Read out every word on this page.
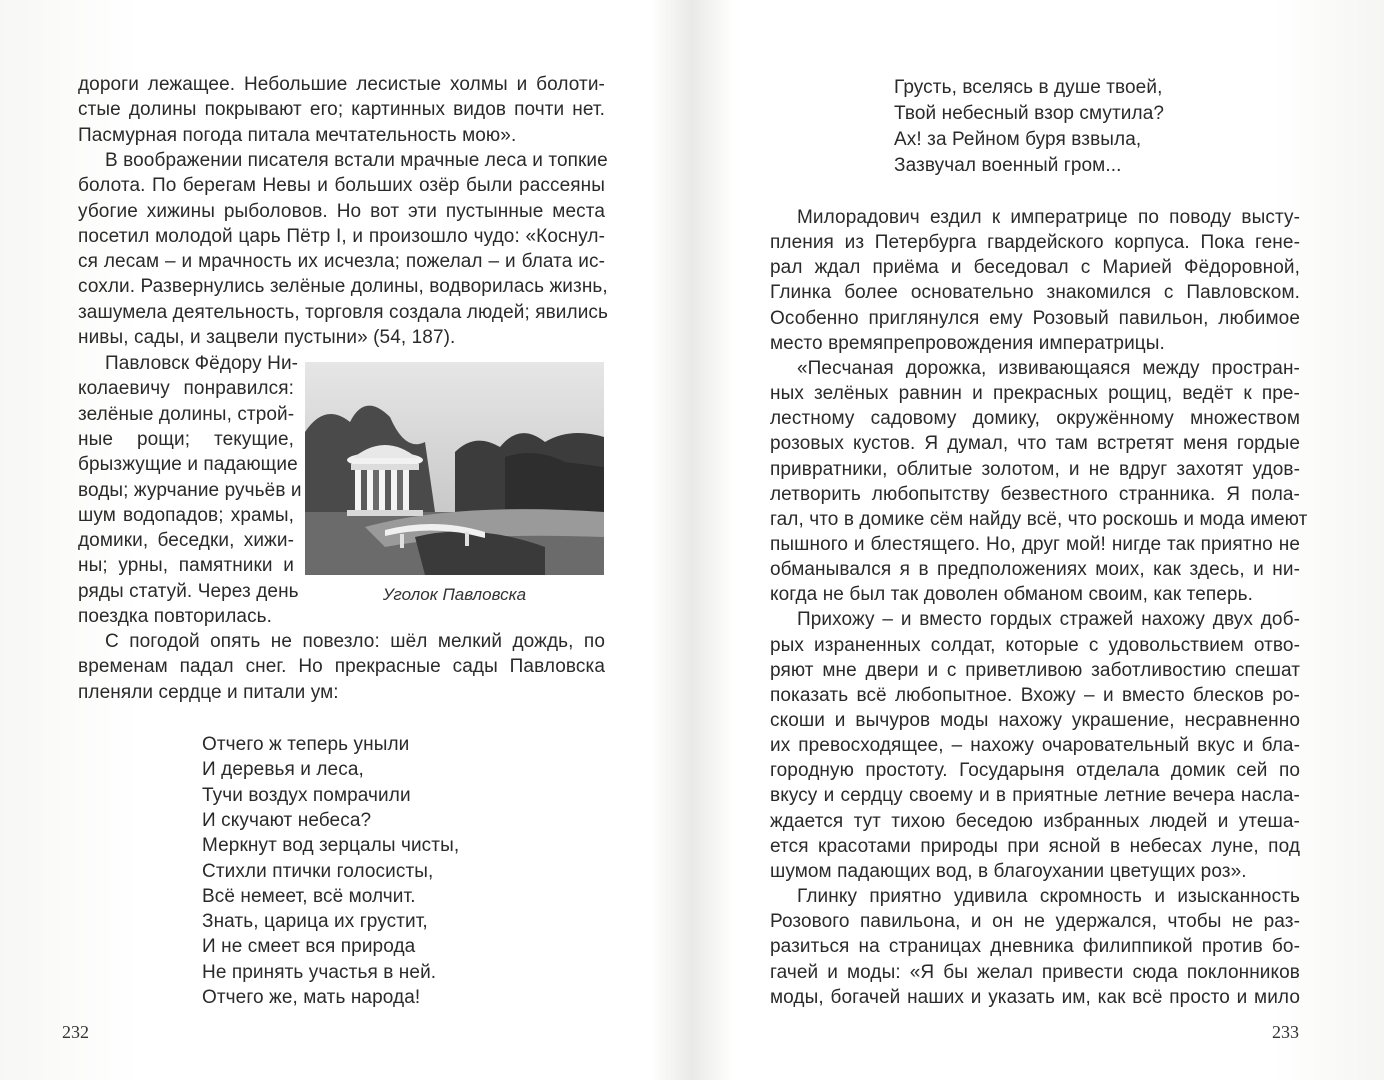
дороги лежащее. Небольшие лесистые холмы и болоти-
стые долины покрывают его; картинных видов почти нет.
Пасмурная погода питала мечтательность мою».
В воображении писателя встали мрачные леса и топкие
болота. По берегам Невы и больших озёр были рассеяны
убогие хижины рыболовов. Но вот эти пустынные места
посетил молодой царь Пётр I, и произошло чудо: «Коснул-
ся лесам – и мрачность их исчезла; пожелал – и блата ис-
сохли. Развернулись зелёные долины, водворилась жизнь,
зашумела деятельность, торговля создала людей; явились
нивы, сады, и зацвели пустыни» (54, 187).
Павловск Фёдору Ни-
колаевичу понравился:
зелёные долины, строй-
ные рощи; текущие,
брызжущие и падающие
воды; журчание ручьёв и
шум водопадов; храмы,
домики, беседки, хижи-
ны; урны, памятники и
ряды статуй. Через день
поездка повторилась.
Уголок Павловска
С погодой опять не повезло: шёл мелкий дождь, по
временам падал снег. Но прекрасные сады Павловска
пленяли сердце и питали ум:
Отчего ж теперь уныли
И деревья и леса,
Тучи воздух помрачили
И скучают небеса?
Меркнут вод зерцалы чисты,
Стихли птички голосисты,
Всё немеет, всё молчит.
Знать, царица их грустит,
И не смеет вся природа
Не принять участья в ней.
Отчего же, мать народа!
232
Грусть, вселясь в душе твоей,
Твой небесный взор смутила?
Ах! за Рейном буря взвыла,
Зазвучал военный гром...
Милорадович ездил к императрице по поводу высту-
пления из Петербурга гвардейского корпуса. Пока гене-
рал ждал приёма и беседовал с Марией Фёдоровной,
Глинка более основательно знакомился с Павловском.
Особенно приглянулся ему Розовый павильон, любимое
место времяпрепровождения императрицы.
«Песчаная дорожка, извивающаяся между простран-
ных зелёных равнин и прекрасных рощиц, ведёт к пре-
лестному садовому домику, окружённому множеством
розовых кустов. Я думал, что там встретят меня гордые
привратники, облитые золотом, и не вдруг захотят удов-
летворить любопытству безвестного странника. Я пола-
гал, что в домике сём найду всё, что роскошь и мода имеют
пышного и блестящего. Но, друг мой! нигде так приятно не
обманывался я в предположениях моих, как здесь, и ни-
когда не был так доволен обманом своим, как теперь.
Прихожу – и вместо гордых стражей нахожу двух доб-
рых израненных солдат, которые с удовольствием отво-
ряют мне двери и с приветливою заботливостию спешат
показать всё любопытное. Вхожу – и вместо блесков ро-
скоши и вычуров моды нахожу украшение, несравненно
их превосходящее, – нахожу очаровательный вкус и бла-
городную простоту. Государыня отделала домик сей по
вкусу и сердцу своему и в приятные летние вечера наслa-
ждается тут тихою беседою избранных людей и утеша-
ется красотами природы при ясной в небесах луне, под
шумом падающих вод, в благоухании цветущих роз».
Глинку приятно удивила скромность и изысканность
Розового павильона, и он не удержался, чтобы не раз-
разиться на страницах дневника филиппикой против бо-
гачей и моды: «Я бы желал привести сюда поклонников
моды, богачей наших и указать им, как всё просто и мило
233
